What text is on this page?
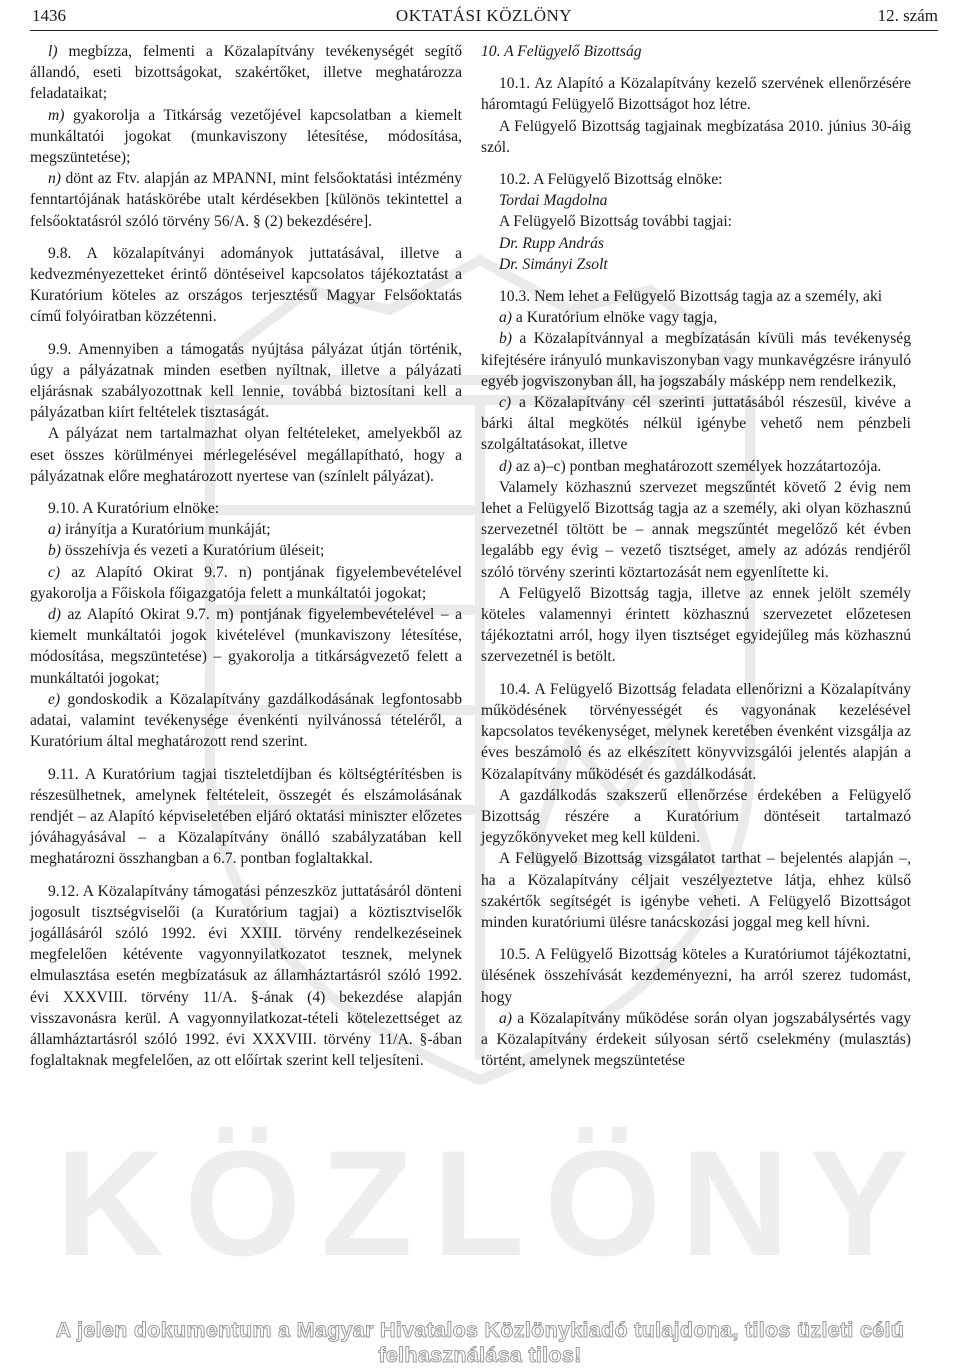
KÖZLÖNY
1436	OKTATÁSI KÖZLÖNY	12. szám

l) megbízza, felmenti a Közalapítvány tevékenységét segítő állandó, eseti bizottságokat, szakértőket, illetve meghatározza feladataikat;

m) gyakorolja a Titkárság vezetőjével kapcsolatban a kiemelt munkáltatói jogokat (munkaviszony létesítése, módosítása, megszüntetése);

n) dönt az Ftv. alapján az MPANNI, mint felsőoktatási intézmény fenntartójának hatáskörébe utalt kérdésekben [különös tekintettel a felsőoktatásról szóló törvény 56/A. § (2) bekezdésére].

9.8. A közalapítványi adományok juttatásával, illetve a kedvezményezetteket érintő döntéseivel kapcsolatos tájékoztatást a Kuratórium köteles az országos terjesztésű Magyar Felsőoktatás című folyóiratban közzétenni.

9.9. Amennyiben a támogatás nyújtása pályázat útján történik, úgy a pályázatnak minden esetben nyíltnak, illetve a pályázati eljárásnak szabályozottnak kell lennie, továbbá biztosítani kell a pályázatban kiírt feltételek tisztaságát.

A pályázat nem tartalmazhat olyan feltételeket, amelyekből az eset összes körülményei mérlegelésével megállapítható, hogy a pályázatnak előre meghatározott nyertese van (színlelt pályázat).

9.10. A Kuratórium elnöke:

a) irányítja a Kuratórium munkáját;

b) összehívja és vezeti a Kuratórium üléseit;

c) az Alapító Okirat 9.7. n) pontjának figyelembevételével gyakorolja a Főiskola főigazgatója felett a munkáltatói jogokat;

d) az Alapító Okirat 9.7. m) pontjának figyelembevételével – a kiemelt munkáltatói jogok kivételével (munkaviszony létesítése, módosítása, megszüntetése) – gyakorolja a titkárságvezető felett a munkáltatói jogokat;

e) gondoskodik a Közalapítvány gazdálkodásának legfontosabb adatai, valamint tevékenysége évenkénti nyilvánossá tételéről, a Kuratórium által meghatározott rend szerint.

9.11. A Kuratórium tagjai tiszteletdíjban és költségtérítésben is részesülhetnek, amelynek feltételeit, összegét és elszámolásának rendjét – az Alapító képviseletében eljáró oktatási miniszter előzetes jóváhagyásával – a Közalapítvány önálló szabályzatában kell meghatározni összhangban a 6.7. pontban foglaltakkal.

9.12. A Közalapítvány támogatási pénzeszköz juttatásáról dönteni jogosult tisztségviselői (a Kuratórium tagjai) a köztisztviselők jogállásáról szóló 1992. évi XXIII. törvény rendelkezéseinek megfelelően kétévente vagyonnyilatkozatot tesznek, melynek elmulasztása esetén megbízatásuk az államháztartásról szóló 1992. évi XXXVIII. törvény 11/A. §-ának (4) bekezdése alapján visszavonásra kerül. A vagyonnyilatkozat-tételi kötelezettséget az államháztartásról szóló 1992. évi XXXVIII. törvény 11/A. §-ában foglaltaknak megfelelően, az ott előírtak szerint kell teljesíteni.

10. A Felügyelő Bizottság

10.1. Az Alapító a Közalapítvány kezelő szervének ellenőrzésére háromtagú Felügyelő Bizottságot hoz létre.

A Felügyelő Bizottság tagjainak megbízatása 2010. június 30-áig szól.

10.2. A Felügyelő Bizottság elnöke:

Tordai Magdolna

A Felügyelő Bizottság további tagjai:

Dr. Rupp András

Dr. Simányi Zsolt

10.3. Nem lehet a Felügyelő Bizottság tagja az a személy, aki

a) a Kuratórium elnöke vagy tagja,

b) a Közalapítvánnyal a megbízatásán kívüli más tevékenység kifejtésére irányuló munkaviszonyban vagy munkavégzésre irányuló egyéb jogviszonyban áll, ha jogszabály másképp nem rendelkezik,

c) a Közalapítvány cél szerinti juttatásából részesül, kivéve a bárki által megkötés nélkül igénybe vehető nem pénzbeli szolgáltatásokat, illetve

d) az a)–c) pontban meghatározott személyek hozzátartozója.

Valamely közhasznú szervezet megszűntét követő 2 évig nem lehet a Felügyelő Bizottság tagja az a személy, aki olyan közhasznú szervezetnél töltött be – annak megszűntét megelőző két évben legalább egy évig – vezető tisztséget, amely az adózás rendjéről szóló törvény szerinti köztartozását nem egyenlítette ki.

A Felügyelő Bizottság tagja, illetve az ennek jelölt személy köteles valamennyi érintett közhasznú szervezetet előzetesen tájékoztatni arról, hogy ilyen tisztséget egyidejűleg más közhasznú szervezetnél is betölt.

10.4. A Felügyelő Bizottság feladata ellenőrizni a Közalapítvány működésének törvényességét és vagyonának kezelésével kapcsolatos tevékenységet, melynek keretében évenként vizsgálja az éves beszámoló és az elkészített könyvvizsgálói jelentés alapján a Közalapítvány működését és gazdálkodását.

A gazdálkodás szakszerű ellenőrzése érdekében a Felügyelő Bizottság részére a Kuratórium döntéseit tartalmazó jegyzőkönyveket meg kell küldeni.

A Felügyelő Bizottság vizsgálatot tarthat – bejelentés alapján –, ha a Közalapítvány céljait veszélyeztetve látja, ehhez külső szakértők segítségét is igénybe veheti. A Felügyelő Bizottságot minden kuratóriumi ülésre tanácskozási joggal meg kell hívni.

10.5. A Felügyelő Bizottság köteles a Kuratóriumot tájékoztatni, ülésének összehívását kezdeményezni, ha arról szerez tudomást, hogy

a) a Közalapítvány működése során olyan jogszabálysértés vagy a Közalapítvány érdekeit súlyosan sértő cselekmény (mulasztás) történt, amelynek megszüntetése

A jelen dokumentum a Magyar Hivatalos Közlönykiadó tulajdona, tilos üzleti célú felhasználása tilos!
